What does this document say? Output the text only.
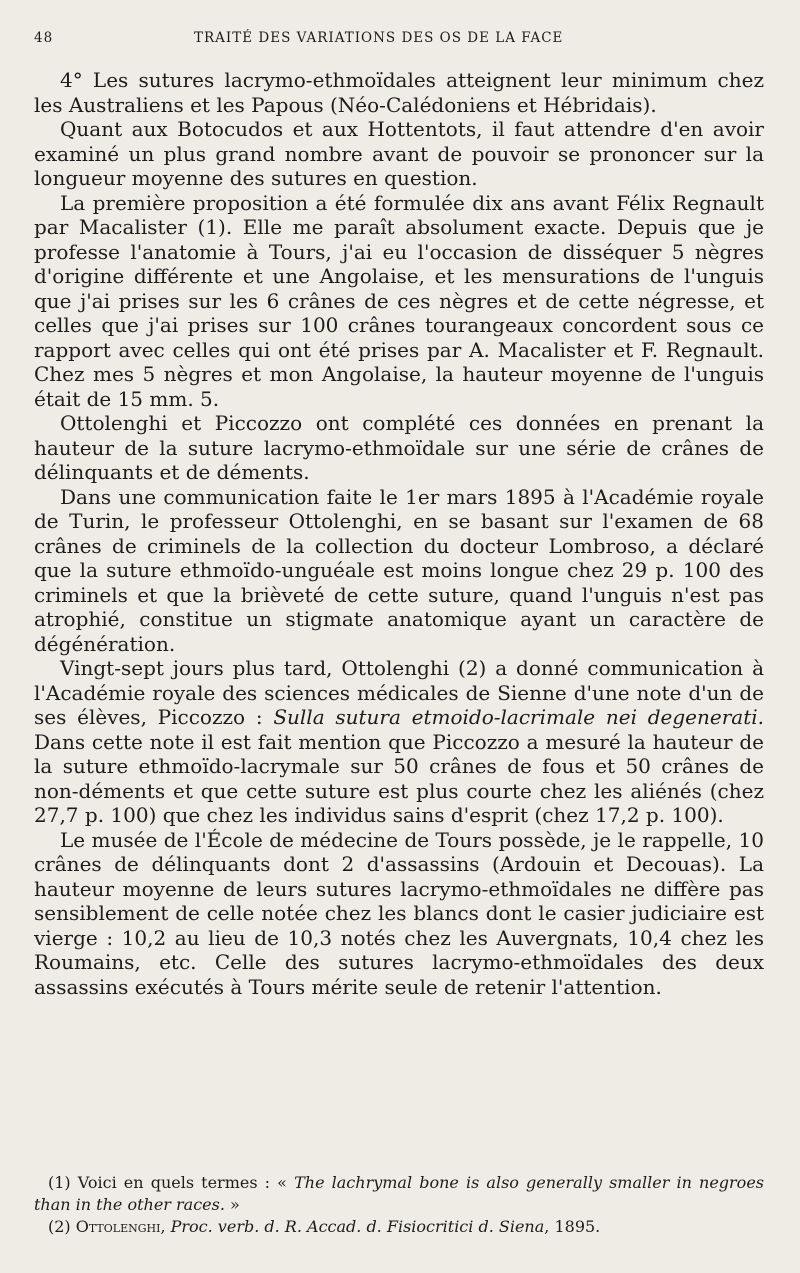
48	TRAITÉ DES VARIATIONS DES OS DE LA FACE

4° Les sutures lacrymo-ethmoïdales atteignent leur minimum chez les Australiens et les Papous (Néo-Calédoniens et Hébridais).

Quant aux Botocudos et aux Hottentots, il faut attendre d'en avoir examiné un plus grand nombre avant de pouvoir se prononcer sur la longueur moyenne des sutures en question.

La première proposition a été formulée dix ans avant Félix Regnault par Macalister (1). Elle me paraît absolument exacte. Depuis que je professe l'anatomie à Tours, j'ai eu l'occasion de disséquer 5 nègres d'origine différente et une Angolaise, et les mensurations de l'unguis que j'ai prises sur les 6 crânes de ces nègres et de cette négresse, et celles que j'ai prises sur 100 crânes tourangeaux concordent sous ce rapport avec celles qui ont été prises par A. Macalister et F. Regnault. Chez mes 5 nègres et mon Angolaise, la hauteur moyenne de l'unguis était de 15 mm. 5.

Ottolenghi et Piccozzo ont complété ces données en prenant la hauteur de la suture lacrymo-ethmoïdale sur une série de crânes de délinquants et de déments.

Dans une communication faite le 1er mars 1895 à l'Académie royale de Turin, le professeur Ottolenghi, en se basant sur l'examen de 68 crânes de criminels de la collection du docteur Lombroso, a déclaré que la suture ethmoïdo-unguéale est moins longue chez 29 p. 100 des criminels et que la brièveté de cette suture, quand l'unguis n'est pas atrophié, constitue un stigmate anatomique ayant un caractère de dégénération.

Vingt-sept jours plus tard, Ottolenghi (2) a donné communication à l'Académie royale des sciences médicales de Sienne d'une note d'un de ses élèves, Piccozzo : Sulla sutura etmoido-lacrimale nei degenerati. Dans cette note il est fait mention que Piccozzo a mesuré la hauteur de la suture ethmoïdo-lacrymale sur 50 crânes de fous et 50 crânes de non-déments et que cette suture est plus courte chez les aliénés (chez 27,7 p. 100) que chez les individus sains d'esprit (chez 17,2 p. 100).

Le musée de l'École de médecine de Tours possède, je le rappelle, 10 crânes de délinquants dont 2 d'assassins (Ardouin et Decouas). La hauteur moyenne de leurs sutures lacrymo-ethmoïdales ne diffère pas sensiblement de celle notée chez les blancs dont le casier judiciaire est vierge : 10,2 au lieu de 10,3 notés chez les Auvergnats, 10,4 chez les Roumains, etc. Celle des sutures lacrymo-ethmoïdales des deux assassins exécutés à Tours mérite seule de retenir l'attention.

(1) Voici en quels termes : « The lachrymal bone is also generally smaller in negroes than in the other races. »

(2) Ottolenghi, Proc. verb. d. R. Accad. d. Fisiocritici d. Siena, 1895.
